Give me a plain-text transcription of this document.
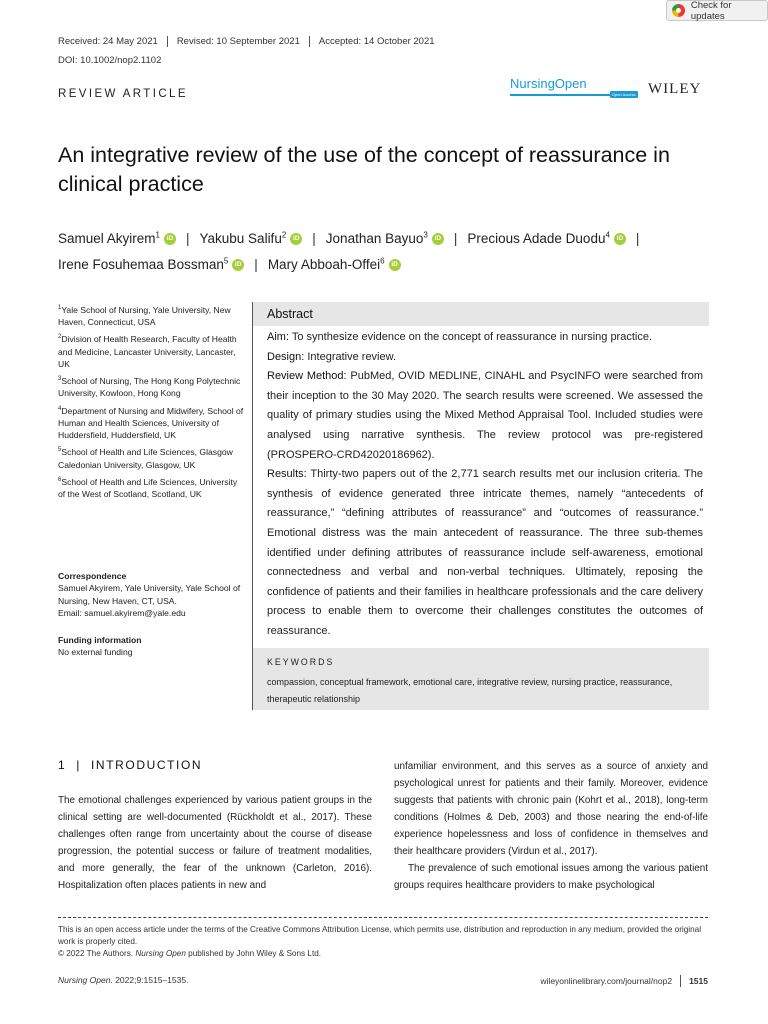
Check for updates
Received: 24 May 2021 Revised: 10 September 2021 Accepted: 14 October 2021
DOI: 10.1002/nop2.1102
REVIEW ARTICLE
NursingOpen
Open Access WILEY
An integrative review of the use of the concept of reassurance in clinical practice
Samuel Akyirem$^1$ iD | Yakubu Salifu$^2$ iD | Jonathan Bayuo$^3$ iD | Precious Adade Duodu$^4$ iD |
Irene Fosuhemaa Bossman$^5$ iD | Mary Abboah-Offei$^6$ iD
$^1$Yale School of Nursing, Yale University, New Haven, Connecticut, USA
$^2$Division of Health Research, Faculty of Health and Medicine, Lancaster University, Lancaster, UK
$^3$School of Nursing, The Hong Kong Polytechnic University, Kowloon, Hong Kong
$^4$Department of Nursing and Midwifery, School of Human and Health Sciences, University of Huddersfield, Huddersfield, UK
$^5$School of Health and Life Sciences, Glasgow Caledonian University, Glasgow, UK
$^6$School of Health and Life Sciences, University of the West of Scotland, Scotland, UK
Correspondence
Samuel Akyirem, Yale University, Yale School of Nursing, New Haven, CT, USA.
Email: samuel.akyirem@yale.edu
Funding information
No external funding
Abstract

Aim: To synthesize evidence on the concept of reassurance in nursing practice.

Design: Integrative review.

Review Method: PubMed, OVID MEDLINE, CINAHL and PsycINFO were searched from their inception to the 30 May 2020. The search results were screened. We assessed the quality of primary studies using the Mixed Method Appraisal Tool. Included studies were analysed using narrative synthesis. The review protocol was pre-registered (PROSPERO-CRD42020186962).

Results: Thirty-two papers out of the 2,771 search results met our inclusion criteria. The synthesis of evidence generated three intricate themes, namely “antecedents of reassurance,” “defining attributes of reassurance” and “outcomes of reassurance.” Emotional distress was the main antecedent of reassurance. The three sub-themes identified under defining attributes of reassurance include self-awareness, emotional connectedness and verbal and non-verbal techniques. Ultimately, reposing the confidence of patients and their families in healthcare professionals and the care delivery process to enable them to overcome their challenges constitutes the outcomes of reassurance.

KEYWORDS
compassion, conceptual framework, emotional care, integrative review, nursing practice, reassurance, therapeutic relationship
1 | INTRODUCTION

The emotional challenges experienced by various patient groups in the clinical setting are well-documented (Rückholdt et al., 2017). These challenges often range from uncertainty about the course of disease progression, the potential success or failure of treatment modalities, and more generally, the fear of the unknown (Carleton, 2016). Hospitalization often places patients in new and

unfamiliar environment, and this serves as a source of anxiety and psychological unrest for patients and their family. Moreover, evidence suggests that patients with chronic pain (Kohrt et al., 2018), long-term conditions (Holmes & Deb, 2003) and those nearing the end-of-life experience hopelessness and loss of confidence in themselves and their healthcare providers (Virdun et al., 2017).

The prevalence of such emotional issues among the various patient groups requires healthcare providers to make psychological

This is an open access article under the terms of the Creative Commons Attribution License, which permits use, distribution and reproduction in any medium, provided the original work is properly cited.
© 2022 The Authors. Nursing Open published by John Wiley & Sons Ltd.
Nursing Open. 2022;9:1515–1535.	wileyonlinelibrary.com/journal/nop2 1515
